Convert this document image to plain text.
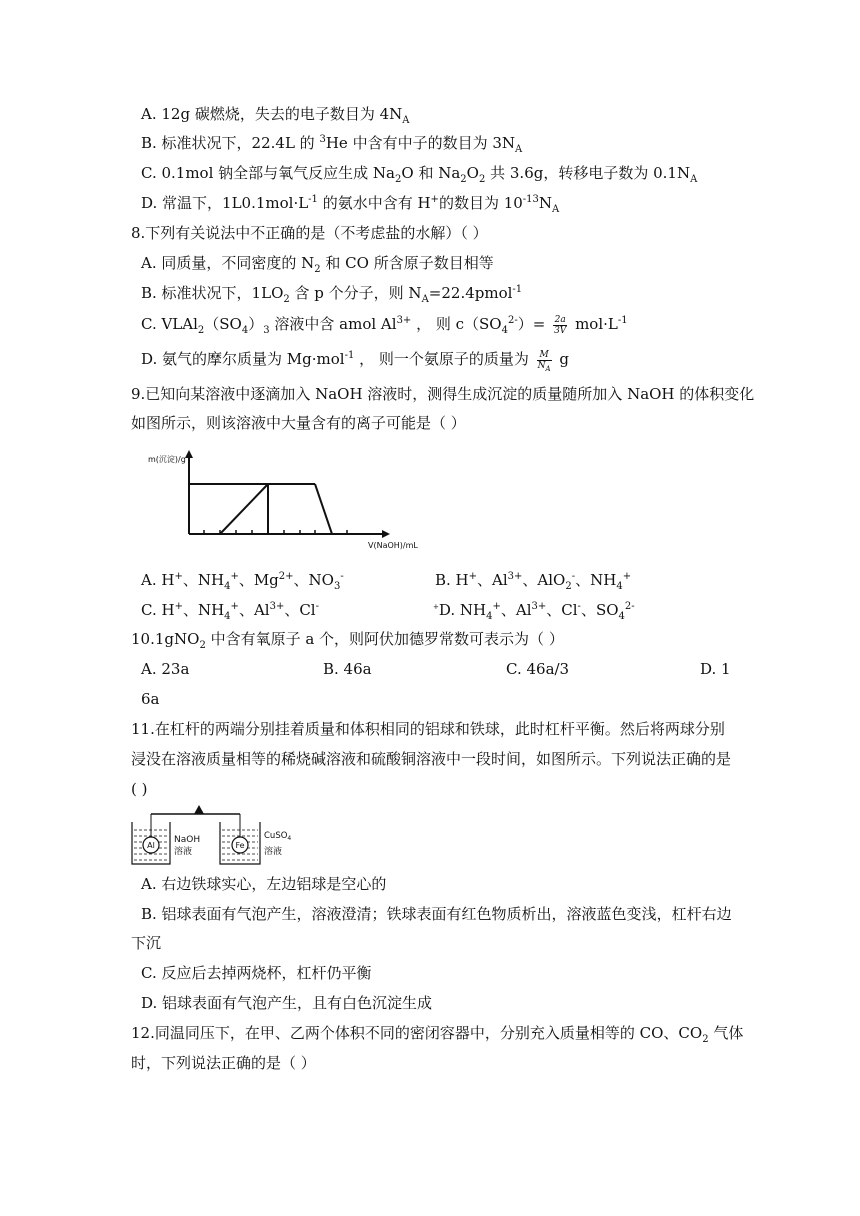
A. 12g 碳燃烧，失去的电子数目为 $4N_A$
B. 标准状况下，22.4L 的 $^3$He 中含有中子的数目为 $3N_A$
C. 0.1mol 钠全部与氧气反应生成 $Na_2O$ 和 $Na_2O_2$ 共 3.6g，转移电子数为 $0.1N_A$
D. 常温下，$1L0.1mol\cdot L^{-1}$ 的氨水中含有 H+的数目为 $10^{-13}N_A$
8.下列有关说法中不正确的是（不考虑盐的水解）（ ）
A. 同质量，不同密度的 $N_2$ 和 CO 所含原子数目相等
B. 标准状况下，$1LO_2$ 含 p 个分子，则 $N_A=22.4pmol^{-1}$
C. $VLAl_2(SO_4)_3$ 溶液中含 amol $Al^{3+}$ ， 则 $c(SO_4^{2-})= \frac{2a}{3V} mol\cdot L^{-1}$
D. 氨气的摩尔质量为 Mg·mol$^{-1}$ ， 则一个氨原子的质量为 $\frac{M}{N_A}$ g
9.已知向某溶液中逐滴加入 NaOH 溶液时，测得生成沉淀的质量随所加入 NaOH 的体积变化
如图所示，则该溶液中大量含有的离子可能是（ ）
m(沉淀)/g
V(NaOH)/mL
A. H+、$NH_4^+$、$Mg^{2+}$、$NO_3^-$	B. H+、$Al^{3+}$、AlO$_2$-、$NH_4^+$
C. H+、$NH_4^+$、$Al^{3+}$、Cl-	+D. $NH_4^+$、$Al^{3+}$、Cl-、$SO_4^{2-}$
10.1gNO$_2$ 中含有氧原子 a 个，则阿伏加德罗常数可表示为（ ）
A. 23a	B. 46a	C. 46a/3	D. 1
6a
11.在杠杆的两端分别挂着质量和体积相同的铝球和铁球，此时杠杆平衡。然后将两球分别
浸没在溶液质量相等的稀烧碱溶液和硫酸铜溶液中一段时间，如图所示。下列说法正确的是
( )
Al
NaOH
溶液
Fe
CuSO$_4$
溶液
A. 右边铁球实心，左边铝球是空心的
B. 铝球表面有气泡产生，溶液澄清；铁球表面有红色物质析出，溶液蓝色变浅，杠杆右边
下沉
C. 反应后去掉两烧杯，杠杆仍平衡
D. 铝球表面有气泡产生，且有白色沉淀生成
12.同温同压下，在甲、乙两个体积不同的密闭容器中，分别充入质量相等的 CO、$CO_2$ 气体
时，下列说法正确的是（ ）
